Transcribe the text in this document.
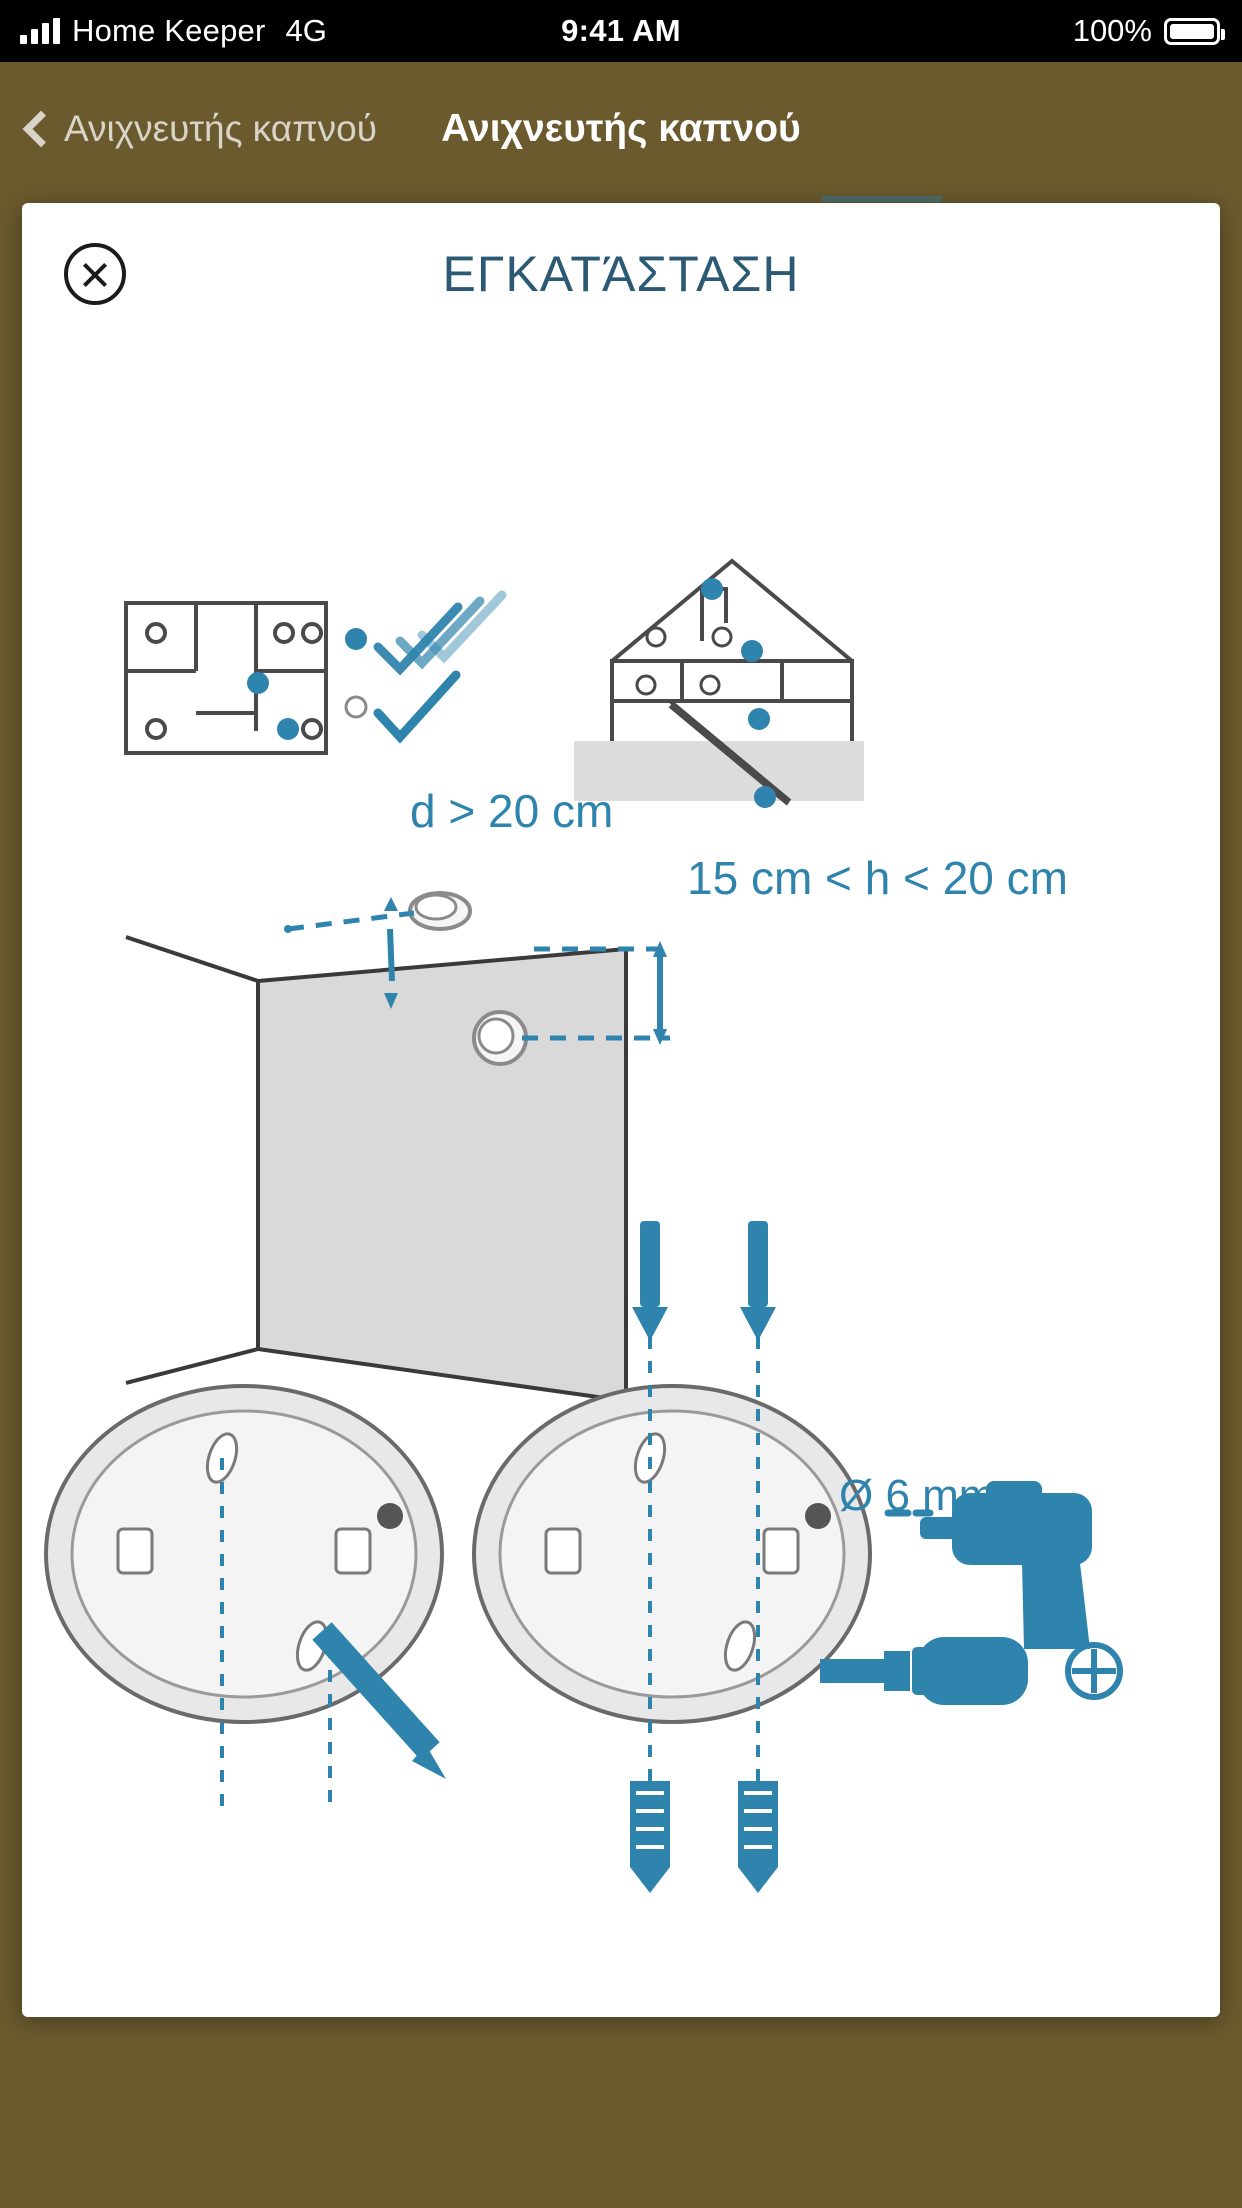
Home Keeper 4G	9:41 AM	100%
Ανιχνευτής καπνού	Ανιχνευτής καπνού
ΕΓΚΑΤΆΣΤΑΣΗ
d > 20 cm
15 cm < h < 20 cm
Ø 6 mm
